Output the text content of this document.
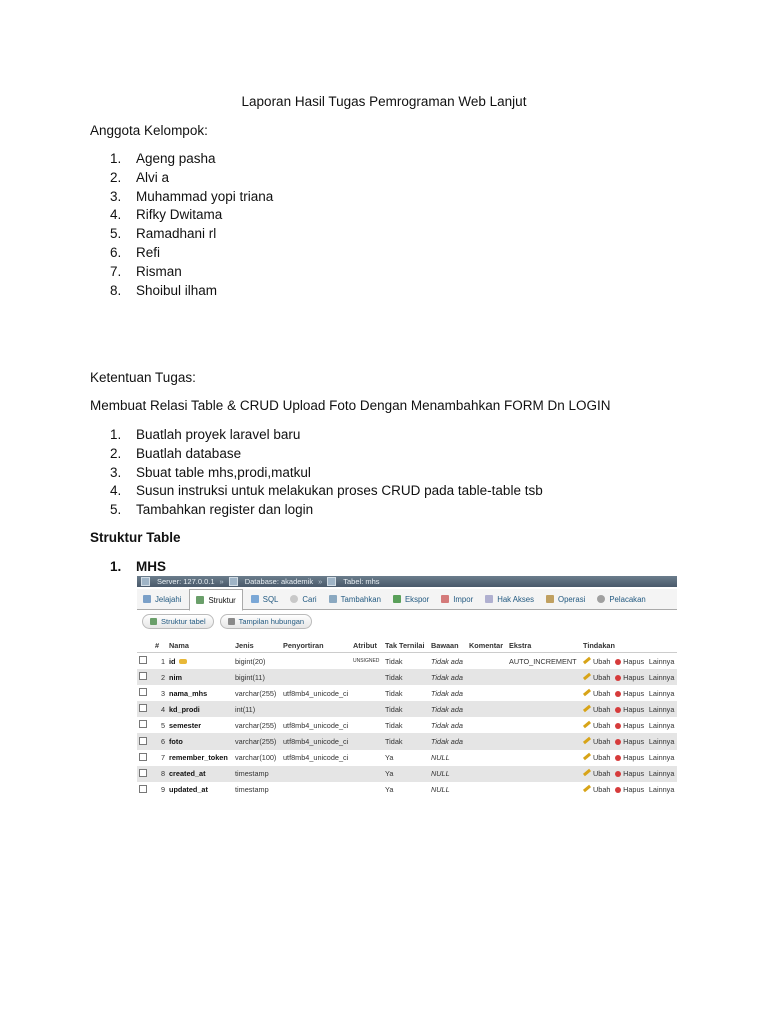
Laporan Hasil Tugas Pemrograman Web Lanjut
Anggota Kelompok:
1. Ageng pasha
2. Alvi a
3. Muhammad yopi triana
4. Rifky Dwitama
5. Ramadhani rl
6. Refi
7. Risman
8. Shoibul ilham
Ketentuan Tugas:
Membuat Relasi Table & CRUD Upload Foto Dengan Menambahkan FORM Dn LOGIN
1. Buatlah proyek laravel baru
2. Buatlah database
3. Sbuat table mhs,prodi,matkul
4. Susun instruksi untuk melakukan proses CRUD pada table-table tsb
5. Tambahkan register dan login
Struktur Table
1. MHS
Server: 127.0.0.1 »	Database: akademik »	Tabel: mhs
Jelajahi	Struktur	SQL	Cari	Tambahkan	Ekspor	Impor	Hak Akses	Operasi	Pelacakan
Struktur tabel	Tampilan hubungan
	#	Nama	Jenis	Penyortiran	Atribut	Tak Ternilai	Bawaan	Komentar	Ekstra	Tindakan		
	1	id	bigint(20)		UNSIGNED	Tidak	Tidak ada		AUTO_INCREMENT	Ubah	Hapus	Lainnya
	2	nim	bigint(11)			Tidak	Tidak ada			Ubah	Hapus	Lainnya
	3	nama_mhs	varchar(255)	utf8mb4_unicode_ci		Tidak	Tidak ada			Ubah	Hapus	Lainnya
	4	kd_prodi	int(11)			Tidak	Tidak ada			Ubah	Hapus	Lainnya
	5	semester	varchar(255)	utf8mb4_unicode_ci		Tidak	Tidak ada			Ubah	Hapus	Lainnya
	6	foto	varchar(255)	utf8mb4_unicode_ci		Tidak	Tidak ada			Ubah	Hapus	Lainnya
	7	remember_token	varchar(100)	utf8mb4_unicode_ci		Ya	NULL			Ubah	Hapus	Lainnya
	8	created_at	timestamp			Ya	NULL			Ubah	Hapus	Lainnya
	9	updated_at	timestamp			Ya	NULL			Ubah	Hapus	Lainnya
